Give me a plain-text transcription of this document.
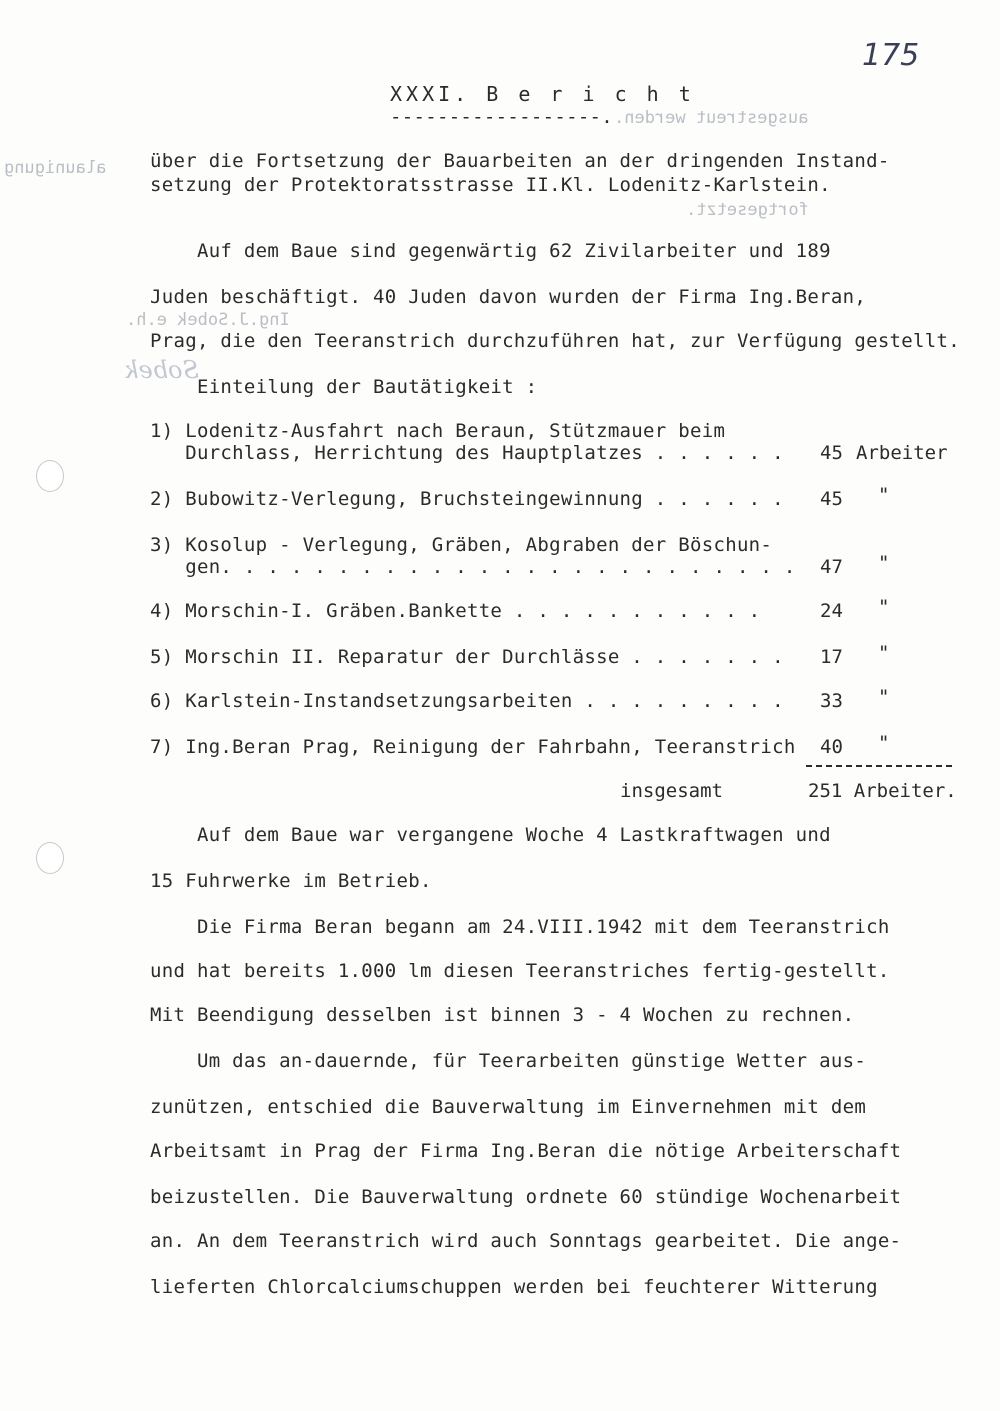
175
ausgestreut werden.
alaunigung
fortgesetzt.
Ing.J.Sobek e.h.
Sobek
XXXI. B e r i c h t
------------------.
über die Fortsetzung der Bauarbeiten an der dringenden Instand-
setzung der Protektoratsstrasse II.Kl. Lodenitz-Karlstein.
Auf dem Baue sind gegenwärtig 62 Zivilarbeiter und 189
Juden beschäftigt. 40 Juden davon wurden der Firma Ing.Beran,
Prag, die den Teeranstrich durchzuführen hat, zur Verfügung gestellt.
Einteilung der Bautätigkeit :
1) Lodenitz-Ausfahrt nach Beraun, Stützmauer beim
Durchlass, Herrichtung des Hauptplatzes . . . . . . 45 Arbeiter
2) Bubowitz-Verlegung, Bruchsteingewinnung . . . . . . 45 "
3) Kosolup - Verlegung, Gräben, Abgraben der Böschun-
gen. . . . . . . . . . . . . . . . . . . . . . . . . 47 "
4) Morschin-I. Gräben.Bankette . . . . . . . . . . .	24 "
5) Morschin II. Reparatur der Durchlässe . . . . . . . 17 "
6) Karlstein-Instandsetzungsarbeiten . . . . . . . . . 33 "
7) Ing.Beran Prag, Reinigung der Fahrbahn, Teeranstrich 40 "
insgesamt	251 Arbeiter.
Auf dem Baue war vergangene Woche 4 Lastkraftwagen und
15 Fuhrwerke im Betrieb.
Die Firma Beran begann am 24.VIII.1942 mit dem Teeranstrich
und hat bereits 1.000 lm diesen Teeranstriches fertig-gestellt.
Mit Beendigung desselben ist binnen 3 - 4 Wochen zu rechnen.
Um das an-dauernde, für Teerarbeiten günstige Wetter aus-
zunützen, entschied die Bauverwaltung im Einvernehmen mit dem
Arbeitsamt in Prag der Firma Ing.Beran die nötige Arbeiterschaft
beizustellen. Die Bauverwaltung ordnete 60 stündige Wochenarbeit
an. An dem Teeranstrich wird auch Sonntags gearbeitet. Die ange-
lieferten Chlorcalciumschuppen werden bei feuchterer Witterung
